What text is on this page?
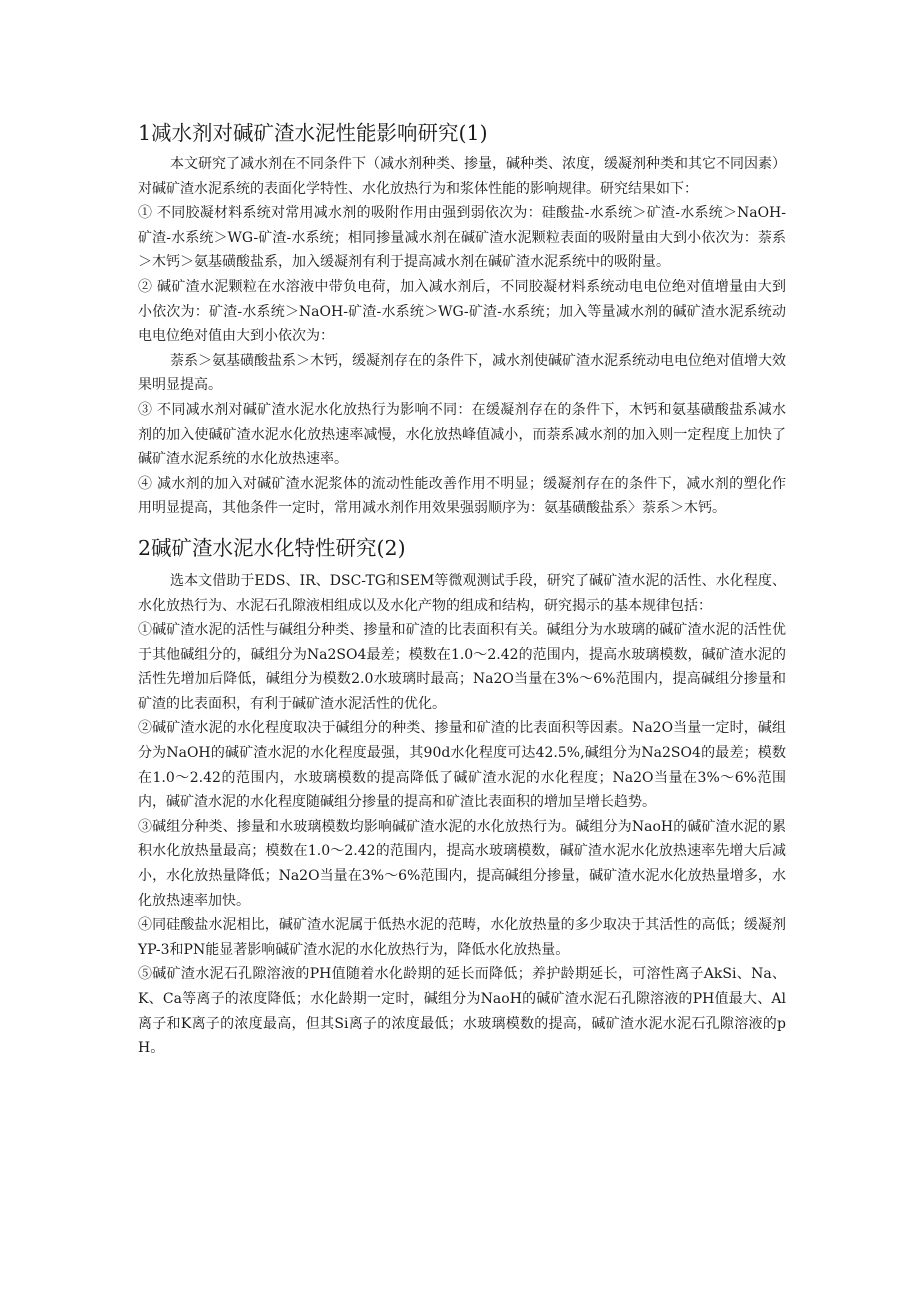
1减水剂对碱矿渣水泥性能影响研究(1)

本文研究了减水剂在不同条件下（减水剂种类、掺量，碱种类、浓度，缓凝剂种类和其它不同因素）对碱矿渣水泥系统的表面化学特性、水化放热行为和浆体性能的影响规律。研究结果如下：

① 不同胶凝材料系统对常用减水剂的吸附作用由强到弱依次为：硅酸盐-水系统＞矿渣-水系统＞NaOH-矿渣-水系统＞WG-矿渣-水系统；相同掺量减水剂在碱矿渣水泥颗粒表面的吸附量由大到小依次为：萘系＞木钙＞氨基磺酸盐系，加入缓凝剂有利于提高减水剂在碱矿渣水泥系统中的吸附量。

② 碱矿渣水泥颗粒在水溶液中带负电荷，加入减水剂后，不同胶凝材料系统动电电位绝对值增量由大到小依次为：矿渣-水系统＞NaOH-矿渣-水系统＞WG-矿渣-水系统；加入等量减水剂的碱矿渣水泥系统动电电位绝对值由大到小依次为：

萘系＞氨基磺酸盐系＞木钙，缓凝剂存在的条件下，减水剂使碱矿渣水泥系统动电电位绝对值增大效果明显提高。

③ 不同减水剂对碱矿渣水泥水化放热行为影响不同：在缓凝剂存在的条件下，木钙和氨基磺酸盐系减水剂的加入使碱矿渣水泥水化放热速率减慢，水化放热峰值减小，而萘系减水剂的加入则一定程度上加快了碱矿渣水泥系统的水化放热速率。

④ 减水剂的加入对碱矿渣水泥浆体的流动性能改善作用不明显；缓凝剂存在的条件下，减水剂的塑化作用明显提高，其他条件一定时，常用减水剂作用效果强弱顺序为：氨基磺酸盐系〉萘系＞木钙。

2碱矿渣水泥水化特性研究(2)

选本文借助于EDS、IR、DSC-TG和SEM等微观测试手段，研究了碱矿渣水泥的活性、水化程度、水化放热行为、水泥石孔隙液相组成以及水化产物的组成和结构，研究揭示的基本规律包括：

①碱矿渣水泥的活性与碱组分种类、掺量和矿渣的比表面积有关。碱组分为水玻璃的碱矿渣水泥的活性优于其他碱组分的，碱组分为Na2SO4最差；模数在1.0～2.42的范围内，提高水玻璃模数，碱矿渣水泥的活性先增加后降低，碱组分为模数2.0水玻璃时最高；Na2O当量在3%～6%范围内，提高碱组分掺量和矿渣的比表面积，有利于碱矿渣水泥活性的优化。

②碱矿渣水泥的水化程度取决于碱组分的种类、掺量和矿渣的比表面积等因素。Na2O当量一定时，碱组分为NaOH的碱矿渣水泥的水化程度最强，其90d水化程度可达42.5%,碱组分为Na2SO4的最差；模数在1.0～2.42的范围内，水玻璃模数的提高降低了碱矿渣水泥的水化程度；Na2O当量在3%～6%范围内，碱矿渣水泥的水化程度随碱组分掺量的提高和矿渣比表面积的增加呈增长趋势。

③碱组分种类、掺量和水玻璃模数均影响碱矿渣水泥的水化放热行为。碱组分为NaoH的碱矿渣水泥的累积水化放热量最高；模数在1.0～2.42的范围内，提高水玻璃模数，碱矿渣水泥水化放热速率先增大后减小，水化放热量降低；Na2O当量在3%～6%范围内，提高碱组分掺量，碱矿渣水泥水化放热量增多，水化放热速率加快。

④同硅酸盐水泥相比，碱矿渣水泥属于低热水泥的范畴，水化放热量的多少取决于其活性的高低；缓凝剂YP-3和PN能显著影响碱矿渣水泥的水化放热行为，降低水化放热量。

⑤碱矿渣水泥石孔隙溶液的PH值随着水化龄期的延长而降低；养护龄期延长，可溶性离子AkSi、Na、K、Ca等离子的浓度降低；水化龄期一定时，碱组分为NaoH的碱矿渣水泥石孔隙溶液的PH值最大、Al离子和K离子的浓度最高，但其Si离子的浓度最低；水玻璃模数的提高，碱矿渣水泥水泥石孔隙溶液的pH。
